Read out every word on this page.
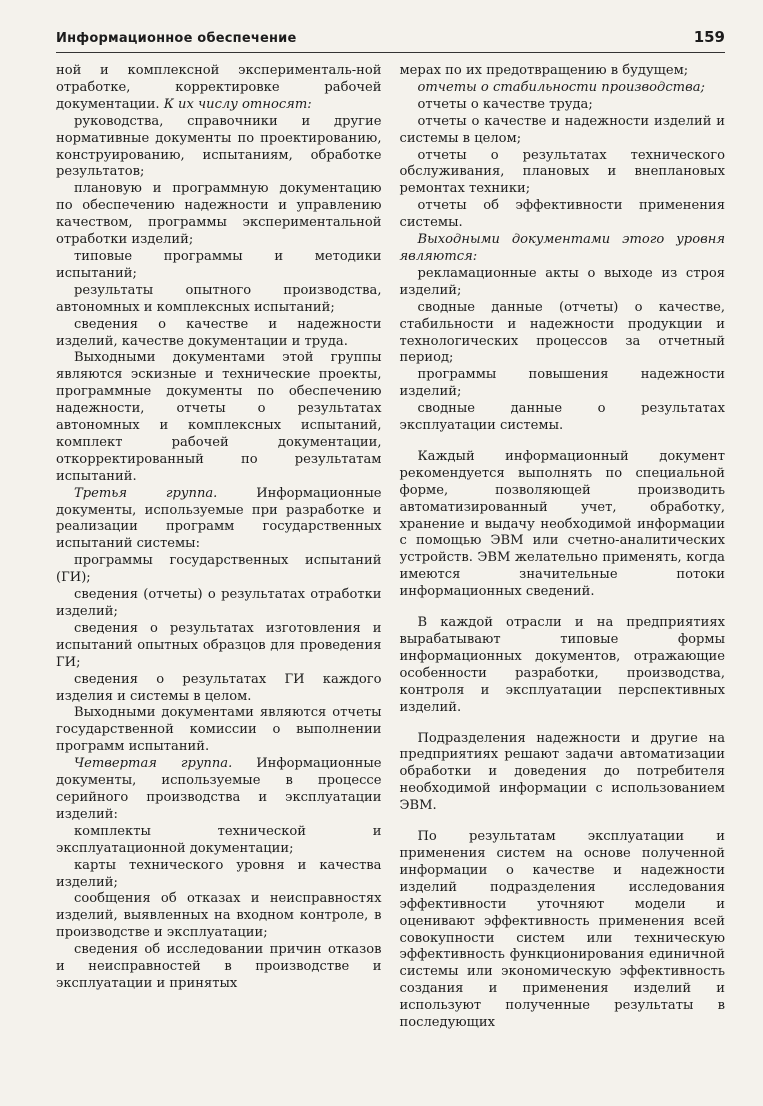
Информационное обеспечение	159

ной и комплексной эксперименталь-ной отработке, корректировке рабочей документации. К их числу относят:

руководства, справочники и другие нормативные документы по проектированию, конструированию, испытаниям, обработке результатов;

плановую и программную документацию по обеспечению надежности и управлению качеством, программы экспериментальной отработки изделий;

типовые программы и методики испытаний;

результаты опытного производства, автономных и комплексных испытаний;

сведения о качестве и надежности изделий, качестве документации и труда.

Выходными документами этой группы являются эскизные и технические проекты, программные документы по обеспечению надежности, отчеты о результатах автономных и комплексных испытаний, комплект рабочей документации, откорректированный по результатам испытаний.

Третья группа. Информационные документы, используемые при разработке и реализации программ государственных испытаний системы:

программы государственных испытаний (ГИ);

сведения (отчеты) о результатах отработки изделий;

сведения о результатах изготовления и испытаний опытных образцов для проведения ГИ;

сведения о результатах ГИ каждого изделия и системы в целом.

Выходными документами являются отчеты государственной комиссии о выполнении программ испытаний.

Четвертая группа. Информационные документы, используемые в процессе серийного производства и эксплуатации изделий:

комплекты технической и эксплуатационной документации;

карты технического уровня и качества изделий;

сообщения об отказах и неисправностях изделий, выявленных на входном контроле, в производстве и эксплуатации;

сведения об исследовании причин отказов и неисправностей в производстве и эксплуатации и принятых

мерах по их предотвращению в будущем;

отчеты о стабильности производства;

отчеты о качестве труда;

отчеты о качестве и надежности изделий и системы в целом;

отчеты о результатах технического обслуживания, плановых и внеплановых ремонтах техники;

отчеты об эффективности применения системы.

Выходными документами этого уровня являются:

рекламационные акты о выходе из строя изделий;

сводные данные (отчеты) о качестве, стабильности и надежности продукции и технологических процессов за отчетный период;

программы повышения надежности изделий;

сводные данные о результатах эксплуатации системы.

Каждый информационный документ рекомендуется выполнять по специальной форме, позволяющей производить автоматизированный учет, обработку, хранение и выдачу необходимой информации с помощью ЭВМ или счетно-аналитических устройств. ЭВМ желательно применять, когда имеются значительные потоки информационных сведений.

В каждой отрасли и на предприятиях вырабатывают типовые формы информационных документов, отражающие особенности разработки, производства, контроля и эксплуатации перспективных изделий.

Подразделения надежности и другие на предприятиях решают задачи автоматизации обработки и доведения до потребителя необходимой информации с использованием ЭВМ.

По результатам эксплуатации и применения систем на основе полученной информации о качестве и надежности изделий подразделения исследования эффективности уточняют модели и оценивают эффективность применения всей совокупности систем или техническую эффективность функционирования единичной системы или экономическую эффективность создания и применения изделий и используют полученные результаты в последующих
